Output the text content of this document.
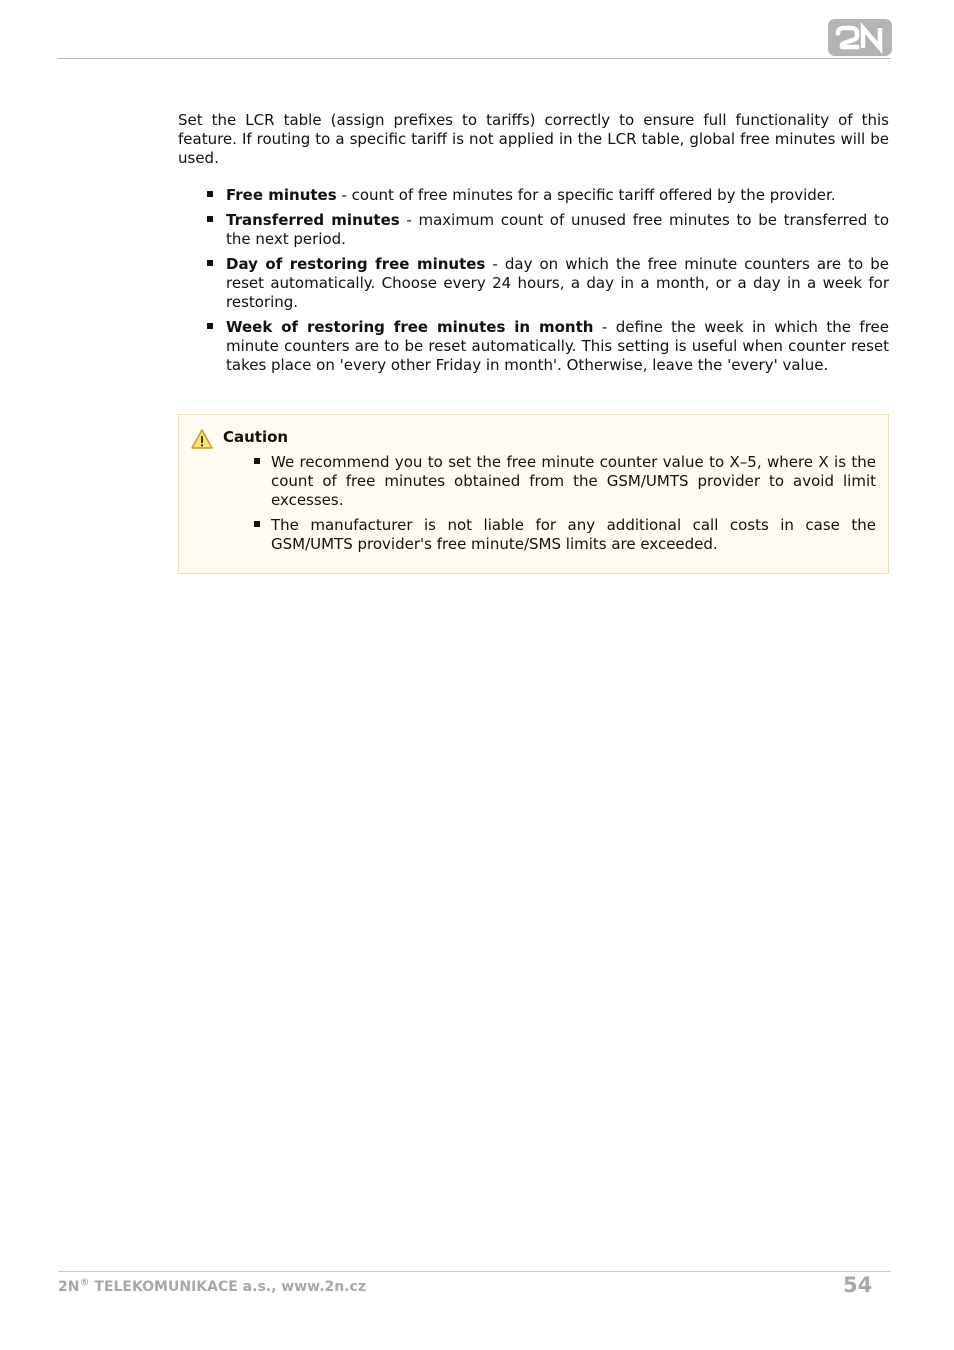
Set the LCR table (assign prefixes to tariffs) correctly to ensure full functionality of this feature. If routing to a specific tariff is not applied in the LCR table, global free minutes will be used.

Free minutes - count of free minutes for a specific tariff offered by the provider.
Transferred minutes - maximum count of unused free minutes to be transferred to the next period.
Day of restoring free minutes - day on which the free minute counters are to be reset automatically. Choose every 24 hours, a day in a month, or a day in a week for restoring.
Week of restoring free minutes in month - define the week in which the free minute counters are to be reset automatically. This setting is useful when counter reset takes place on 'every other Friday in month'. Otherwise, leave the 'every' value.
Caution
We recommend you to set the free minute counter value to X–5, where X is the count of free minutes obtained from the GSM/UMTS provider to avoid limit excesses.
The manufacturer is not liable for any additional call costs in case the GSM/UMTS provider's free minute/SMS limits are exceeded.
2N® TELEKOMUNIKACE a.s., www.2n.cz	54
